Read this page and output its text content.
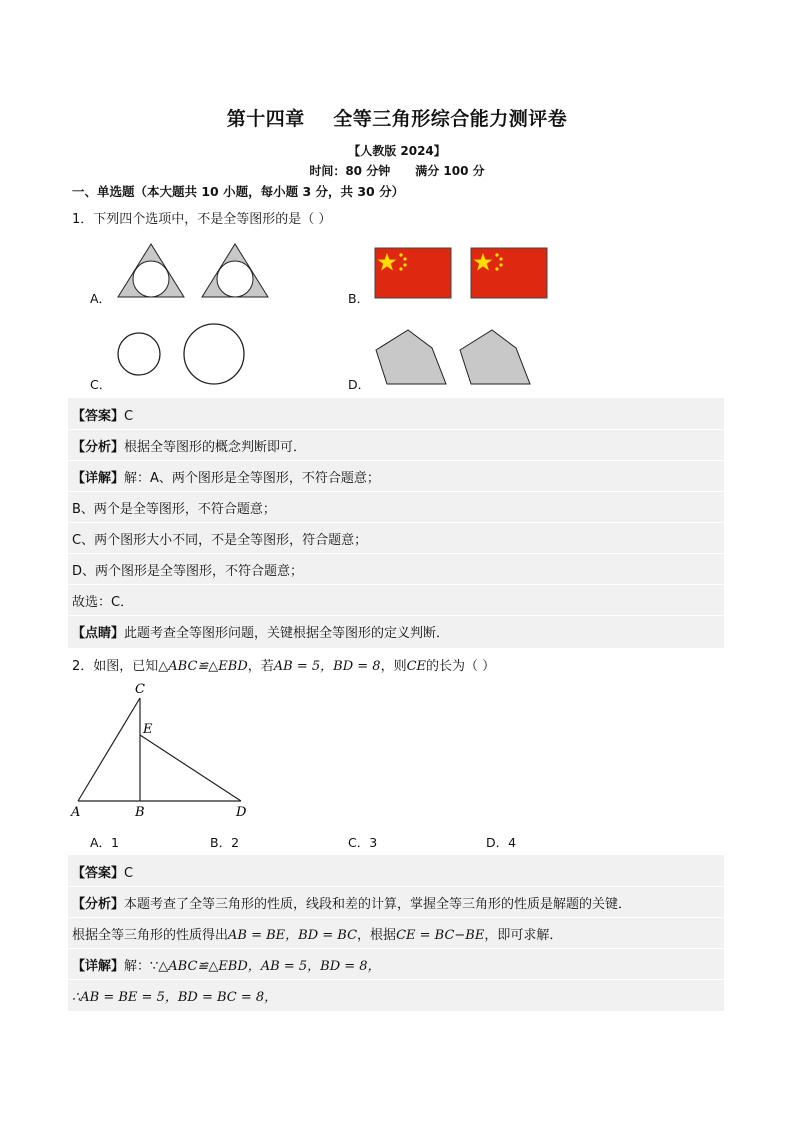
第十四章    全等三角形综合能力测评卷
【人教版 2024】
时间：80 分钟      满分 100 分
一、单选题（本大题共 10 小题，每小题 3 分，共 30 分）
1．下列四个选项中，不是全等图形的是（ ）
A．	B．
C．	D．
【答案】C
【分析】根据全等图形的概念判断即可．
【详解】解：A、两个图形是全等图形，不符合题意；
B、两个是全等图形，不符合题意；
C、两个图形大小不同，不是全等图形，符合题意；
D、两个图形是全等图形，不符合题意；
故选：C．
【点睛】此题考查全等图形问题，关键根据全等图形的定义判断．
2．如图，已知△ABC≌△EBD，若AB = 5，BD = 8，则CE的长为（ ）
C
E
A	B	D
A．1	B．2	C．3	D．4
【答案】C
【分析】本题考查了全等三角形的性质，线段和差的计算，掌握全等三角形的性质是解题的关键．
根据全等三角形的性质得出AB = BE，BD = BC，根据CE = BC−BE，即可求解．
【详解】解：∵△ABC≌△EBD，AB = 5，BD = 8，
∴AB = BE = 5，BD = BC = 8，
